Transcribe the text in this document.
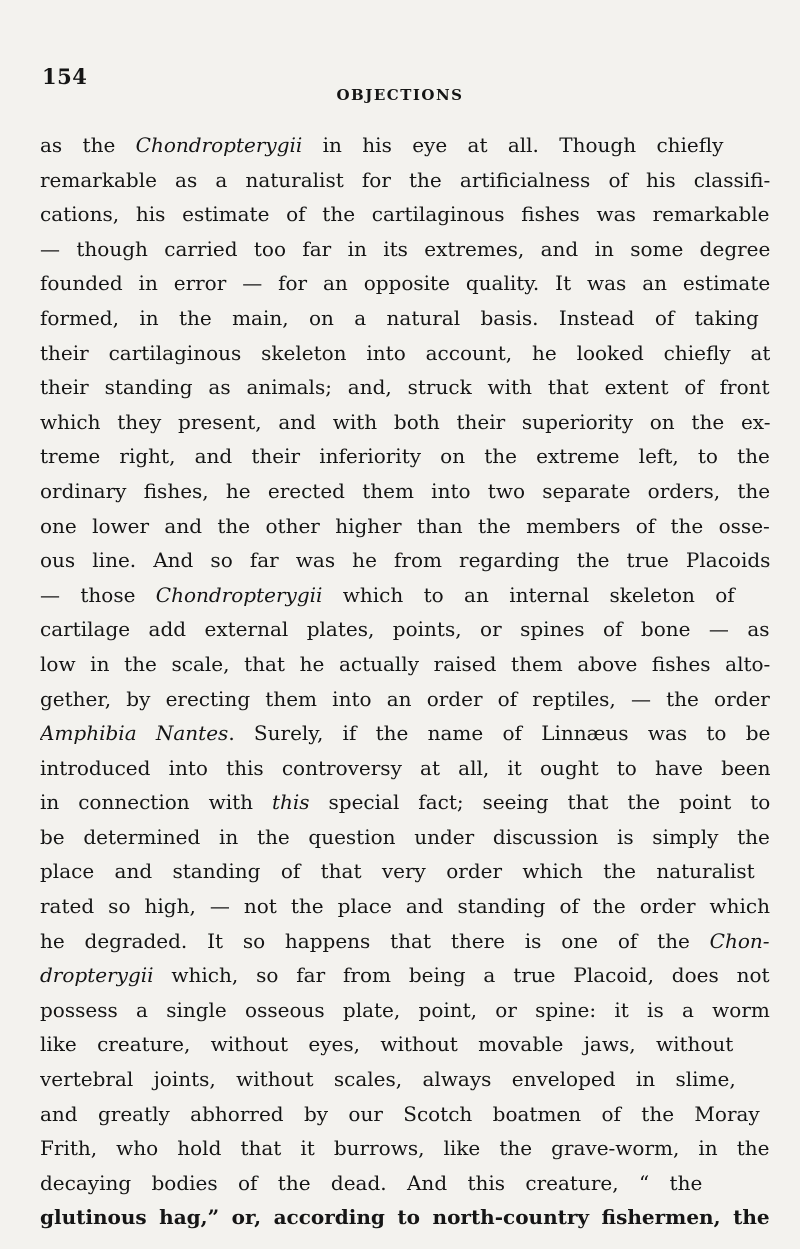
154
OBJECTIONS
as the Chondropterygii in his eye at all. Though chiefly
remarkable as a naturalist for the artificialness of his classifi-
cations, his estimate of the cartilaginous fishes was remarkable
— though carried too far in its extremes, and in some degree
founded in error — for an opposite quality. It was an estimate
formed, in the main, on a natural basis. Instead of taking
their cartilaginous skeleton into account, he looked chiefly at
their standing as animals; and, struck with that extent of front
which they present, and with both their superiority on the ex-
treme right, and their inferiority on the extreme left, to the
ordinary fishes, he erected them into two separate orders, the
one lower and the other higher than the members of the osse-
ous line. And so far was he from regarding the true Placoids
— those Chondropterygii which to an internal skeleton of
cartilage add external plates, points, or spines of bone — as
low in the scale, that he actually raised them above fishes alto-
gether, by erecting them into an order of reptiles, — the order
Amphibia Nantes. Surely, if the name of Linnæus was to be
introduced into this controversy at all, it ought to have been
in connection with this special fact; seeing that the point to
be determined in the question under discussion is simply the
place and standing of that very order which the naturalist
rated so high, — not the place and standing of the order which
he degraded. It so happens that there is one of the Chon-
dropterygii which, so far from being a true Placoid, does not
possess a single osseous plate, point, or spine: it is a worm
like creature, without eyes, without movable jaws, without
vertebral joints, without scales, always enveloped in slime,
and greatly abhorred by our Scotch boatmen of the Moray
Frith, who hold that it burrows, like the grave-worm, in the
decaying bodies of the dead. And this creature, “ the
glutinous hag,” or, according to north-country fishermen, the
